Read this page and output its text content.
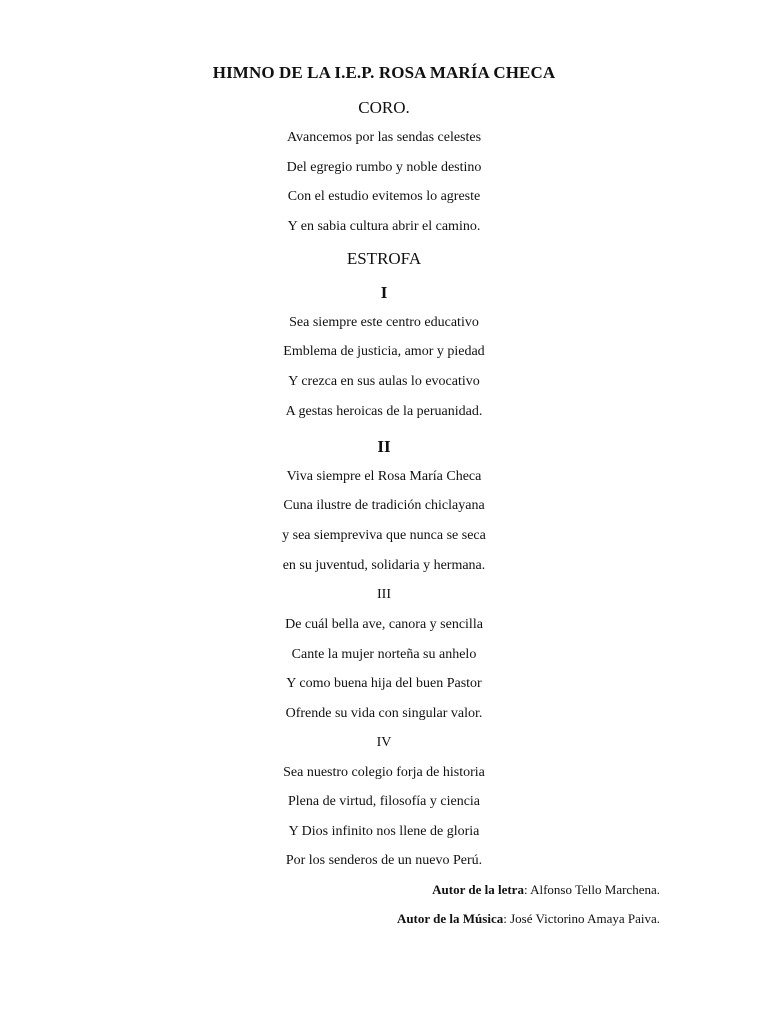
HIMNO DE LA I.E.P. ROSA MARÍA CHECA
CORO.
Avancemos por las sendas celestes
Del egregio rumbo y noble destino
Con el estudio evitemos lo agreste
Y en sabia cultura abrir el camino.
ESTROFA
I
Sea siempre este centro educativo
Emblema de justicia, amor y piedad
Y crezca en sus aulas lo evocativo
A gestas heroicas de la peruanidad.
II
Viva siempre el Rosa María Checa
Cuna ilustre de tradición chiclayana
y sea siempreviva que nunca se seca
en su juventud, solidaria y hermana.
III
De cuál bella ave, canora y sencilla
Cante la mujer norteña su anhelo
Y como buena hija del buen Pastor
Ofrende su vida con singular valor.
IV
Sea nuestro colegio forja de historia
Plena de virtud, filosofía y ciencia
Y Dios infinito nos llene de gloria
Por los senderos de un nuevo Perú.
Autor de la letra: Alfonso Tello Marchena.
Autor de la Música: José Victorino Amaya Paiva.
